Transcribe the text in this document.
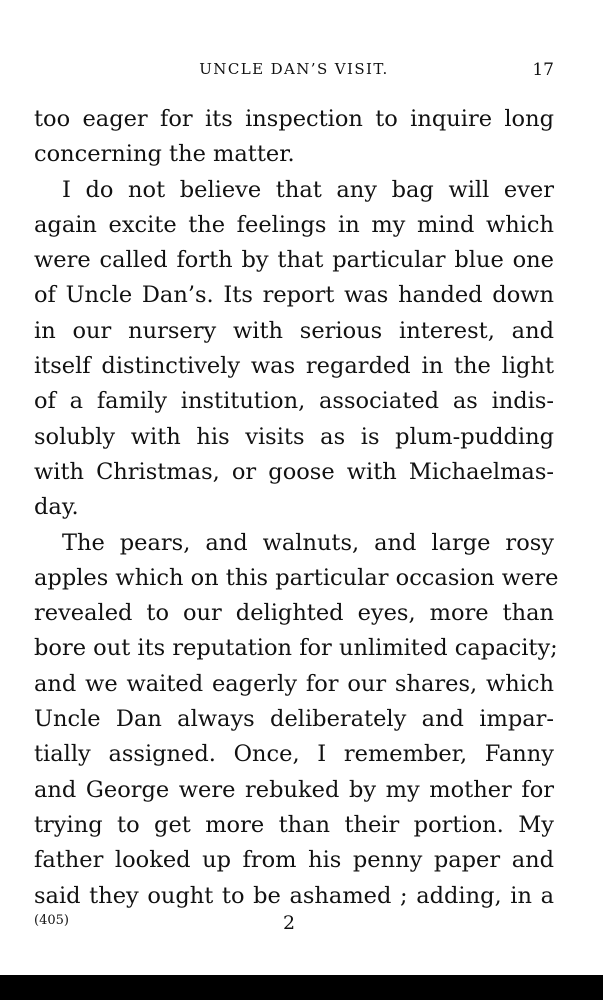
UNCLE DAN’S VISIT.	17
too eager for its inspection to inquire long
concerning the matter.
I do not believe that any bag will ever
again excite the feelings in my mind which
were called forth by that particular blue one
of Uncle Dan’s. Its report was handed down
in our nursery with serious interest, and
itself distinctively was regarded in the light
of a family institution, associated as indis-
solubly with his visits as is plum-pudding
with Christmas, or goose with Michaelmas-
day.
The pears, and walnuts, and large rosy
apples which on this particular occasion were
revealed to our delighted eyes, more than
bore out its reputation for unlimited capacity;
and we waited eagerly for our shares, which
Uncle Dan always deliberately and impar-
tially assigned. Once, I remember, Fanny
and George were rebuked by my mother for
trying to get more than their portion. My
father looked up from his penny paper and
said they ought to be ashamed ; adding, in a
(405)	2
